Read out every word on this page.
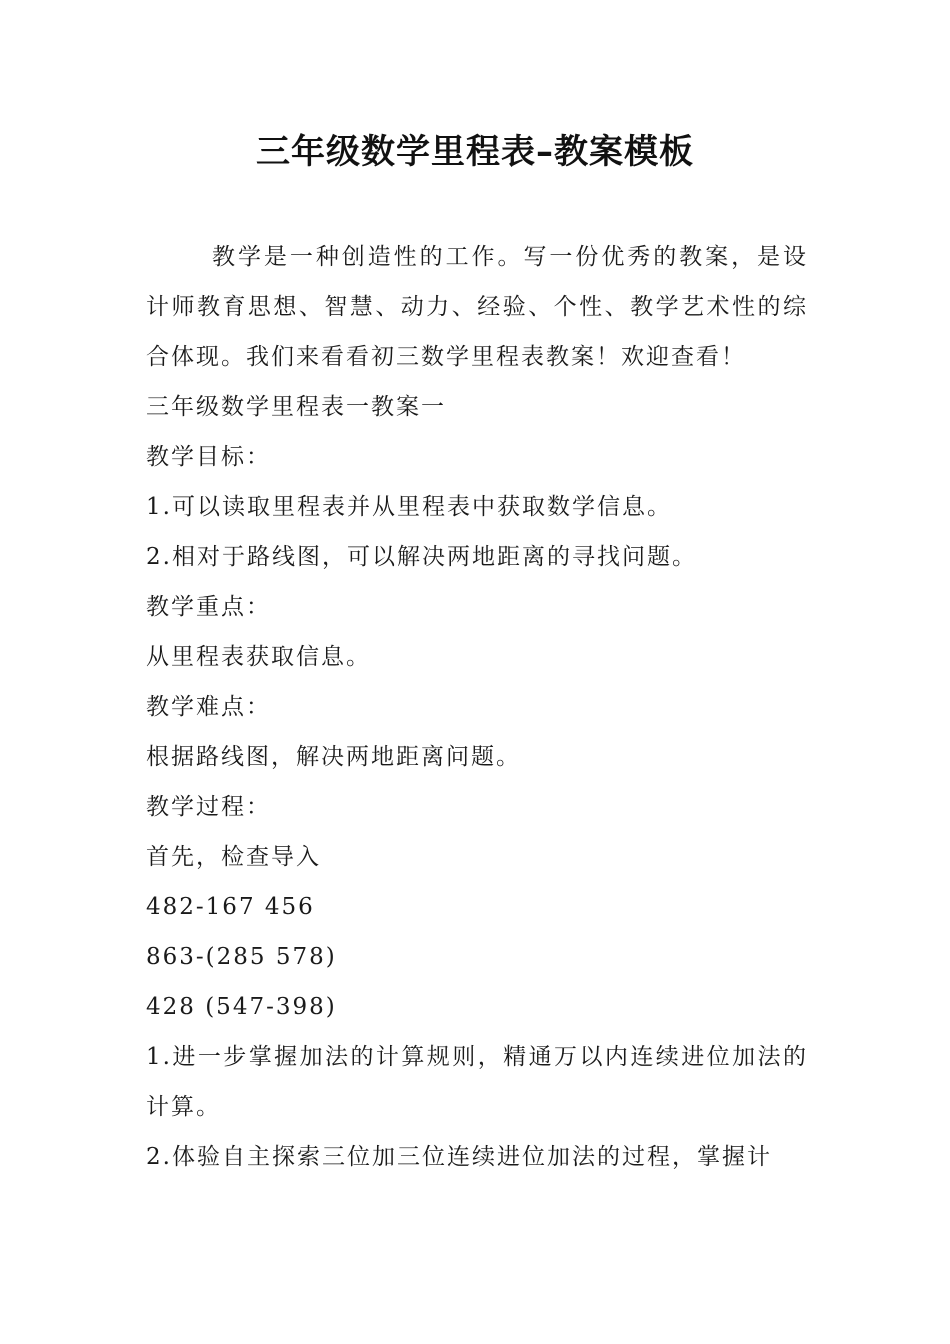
三年级数学里程表–教案模板

教学是一种创造性的工作。写一份优秀的教案，是设计师教育思想、智慧、动力、经验、个性、教学艺术性的综合体现。我们来看看初三数学里程表教案！欢迎查看！

三年级数学里程表一教案一

教学目标：

1.可以读取里程表并从里程表中获取数学信息。

2.相对于路线图，可以解决两地距离的寻找问题。

教学重点：

从里程表获取信息。

教学难点：

根据路线图，解决两地距离问题。

教学过程：

首先，检查导入

482-167 456

863-(285 578)

428 (547-398)

1.进一步掌握加法的计算规则，精通万以内连续进位加法的计算。

2.体验自主探索三位加三位连续进位加法的过程，掌握计
